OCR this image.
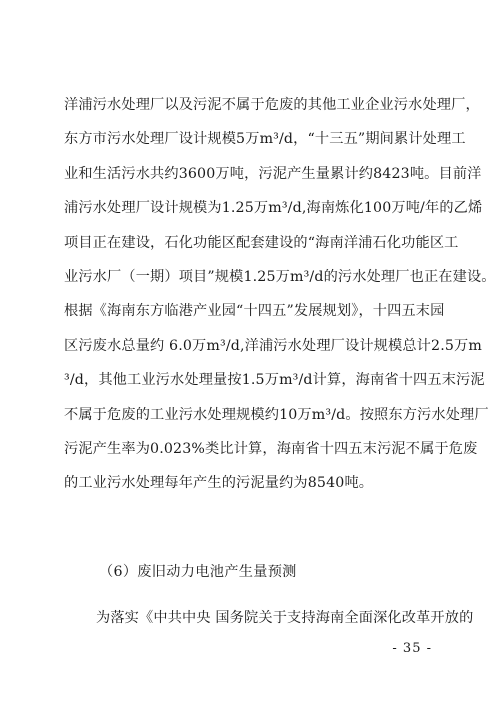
洋浦污水处理厂以及污泥不属于危废的其他工业企业污水处理厂，
东方市污水处理厂设计规模5万m³/d，“十三五”期间累计处理工
业和生活污水共约3600万吨，污泥产生量累计约8423吨。目前洋
浦污水处理厂设计规模为1.25万m³/d,海南炼化100万吨/年的乙烯
项目正在建设，石化功能区配套建设的“海南洋浦石化功能区工
业污水厂（一期）项目”规模1.25万m³/d的污水处理厂也正在建设。
根据《海南东方临港产业园“十四五”发展规划》，十四五末园
区污废水总量约 6.0万m³/d,洋浦污水处理厂设计规模总计2.5万m
³/d，其他工业污水处理量按1.5万m³/d计算，海南省十四五末污泥
不属于危废的工业污水处理规模约10万m³/d。按照东方污水处理厂
污泥产生率为0.023%类比计算，海南省十四五末污泥不属于危废
的工业污水处理每年产生的污泥量约为8540吨。
（6）废旧动力电池产生量预测
为落实《中共中央 国务院关于支持海南全面深化改革开放的
- 35 -
